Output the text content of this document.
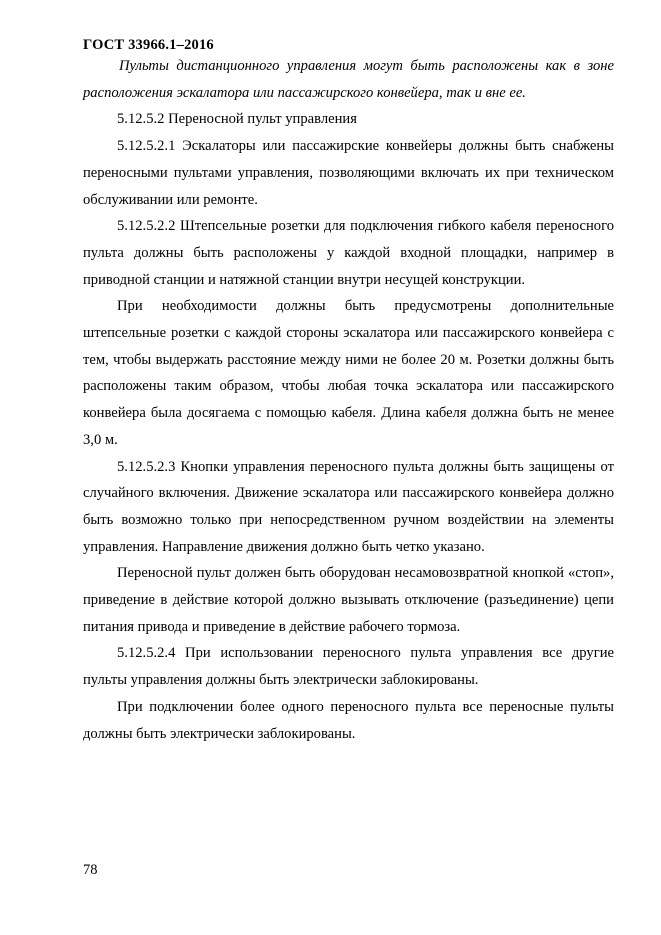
ГОСТ 33966.1–2016

Пульты дистанционного управления могут быть расположены как в зоне расположения эскалатора или пассажирского конвейера, так и вне ее.

5.12.5.2 Переносной пульт управления

5.12.5.2.1 Эскалаторы или пассажирские конвейеры должны быть снабжены переносными пультами управления, позволяющими включать их при техническом обслуживании или ремонте.

5.12.5.2.2 Штепсельные розетки для подключения гибкого кабеля переносного пульта должны быть расположены у каждой входной площадки, например в приводной станции и натяжной станции внутри несущей конструкции.

При необходимости должны быть предусмотрены дополнительные штепсельные розетки с каждой стороны эскалатора или пассажирского конвейера с тем, чтобы выдержать расстояние между ними не более 20 м. Розетки должны быть расположены таким образом, чтобы любая точка эскалатора или пассажирского конвейера была досягаема с помощью кабеля. Длина кабеля должна быть не менее 3,0 м.

5.12.5.2.3 Кнопки управления переносного пульта должны быть защищены от случайного включения. Движение эскалатора или пассажирского конвейера должно быть возможно только при непосредственном ручном воздействии на элементы управления. Направление движения должно быть четко указано.

Переносной пульт должен быть оборудован несамовозвратной кнопкой «стоп», приведение в действие которой должно вызывать отключение (разъединение) цепи питания привода и приведение в действие рабочего тормоза.

5.12.5.2.4 При использовании переносного пульта управления все другие пульты управления должны быть электрически заблокированы.

При подключении более одного переносного пульта все переносные пульты должны быть электрически заблокированы.

78
